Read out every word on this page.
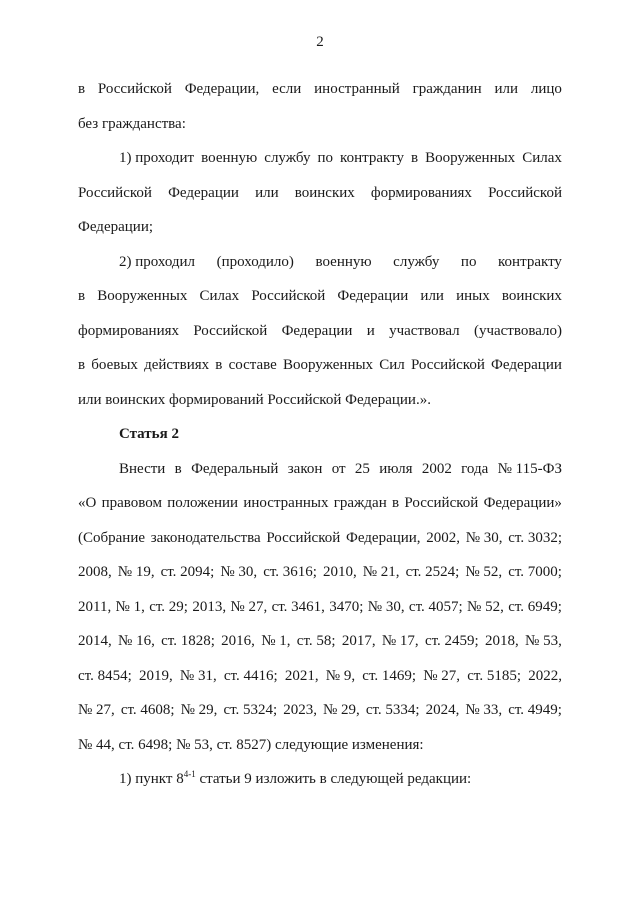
2
в Российской Федерации, если иностранный гражданин или лицо
без гражданства:
1) проходит военную службу по контракту в Вооруженных Силах
Российской Федерации или воинских формированиях Российской
Федерации;
2) проходил (проходило) военную службу по контракту
в Вооруженных Силах Российской Федерации или иных воинских
формированиях Российской Федерации и участвовал (участвовало)
в боевых действиях в составе Вооруженных Сил Российской Федерации
или воинских формирований Российской Федерации.».
Статья 2
Внести в Федеральный закон от 25 июля 2002 года № 115-ФЗ
«О правовом положении иностранных граждан в Российской Федерации»
(Собрание законодательства Российской Федерации, 2002, № 30, ст. 3032;
2008, № 19, ст. 2094; № 30, ст. 3616; 2010, № 21, ст. 2524; № 52, ст. 7000;
2011, № 1, ст. 29; 2013, № 27, ст. 3461, 3470; № 30, ст. 4057; № 52, ст. 6949;
2014, № 16, ст. 1828; 2016, № 1, ст. 58; 2017, № 17, ст. 2459; 2018, № 53,
ст. 8454; 2019, № 31, ст. 4416; 2021, № 9, ст. 1469; № 27, ст. 5185; 2022,
№ 27, ст. 4608; № 29, ст. 5324; 2023, № 29, ст. 5334; 2024, № 33, ст. 4949;
№ 44, ст. 6498; № 53, ст. 8527) следующие изменения:
1) пункт 8$^{4-1}$ статьи 9 изложить в следующей редакции:
